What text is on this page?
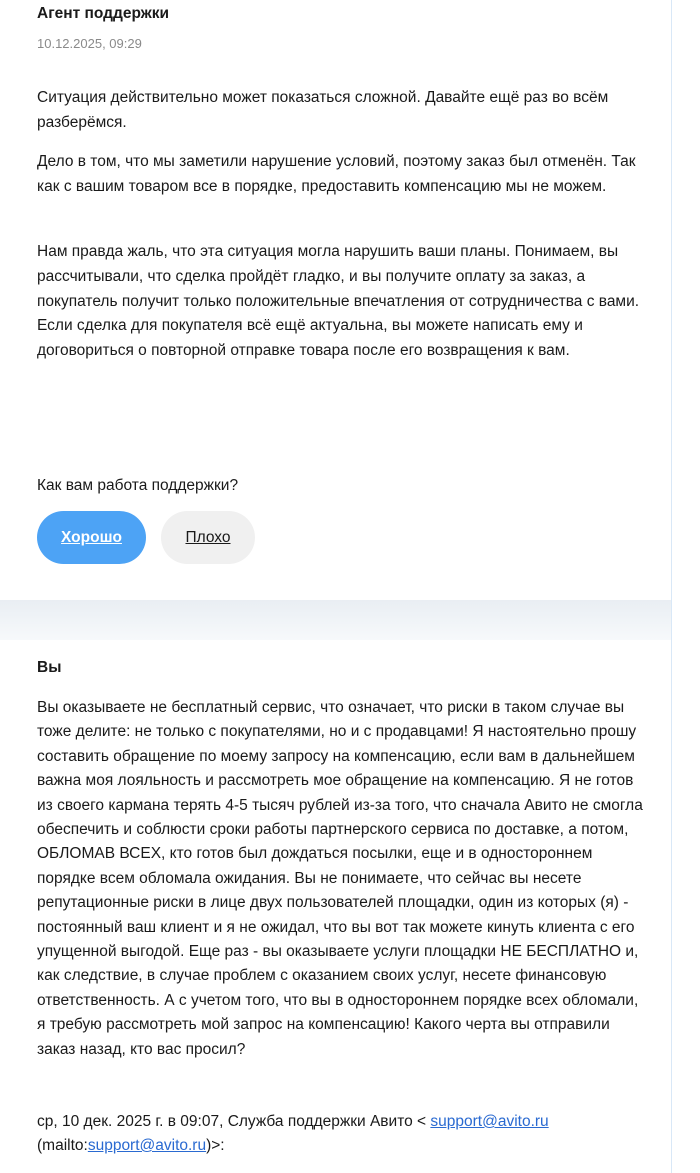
Агент поддержки
10.12.2025, 09:29

Ситуация действительно может показаться сложной. Давайте ещё раз во всём разберёмся.

Дело в том, что мы заметили нарушение условий, поэтому заказ был отменён. Так как с вашим товаром все в порядке, предоставить компенсацию мы не можем.

Нам правда жаль, что эта ситуация могла нарушить ваши планы. Понимаем, вы рассчитывали, что сделка пройдёт гладко, и вы получите оплату за заказ, а покупатель получит только положительные впечатления от сотрудничества с вами. Если сделка для покупателя всё ещё актуальна, вы можете написать ему и договориться о повторной отправке товара после его возвращения к вам.

Как вам работа поддержки?
Хорошо	Плохо
Вы

Вы оказываете не бесплатный сервис, что означает, что риски в таком случае вы тоже делите: не только с покупателями, но и с продавцами! Я настоятельно прошу составить обращение по моему запросу на компенсацию, если вам в дальнейшем важна моя лояльность и рассмотреть мое обращение на компенсацию. Я не готов из своего кармана терять 4-5 тысяч рублей из-за того, что сначала Авито не смогла обеспечить и соблюсти сроки работы партнерского сервиса по доставке, а потом, ОБЛОМАВ ВСЕХ, кто готов был дождаться посылки, еще и в одностороннем порядке всем обломала ожидания. Вы не понимаете, что сейчас вы несете репутационные риски в лице двух пользователей площадки, один из которых (я) - постоянный ваш клиент и я не ожидал, что вы вот так можете кинуть клиента с его упущенной выгодой. Еще раз - вы оказываете услуги площадки НЕ БЕСПЛАТНО и, как следствие, в случае проблем с оказанием своих услуг, несете финансовую ответственность. А с учетом того, что вы в одностороннем порядке всех обломали, я требую рассмотреть мой запрос на компенсацию! Какого черта вы отправили заказ назад, кто вас просил?

ср, 10 дек. 2025 г. в 09:07, Служба поддержки Авито < support@avito.ru
(mailto:support@avito.ru)>:
